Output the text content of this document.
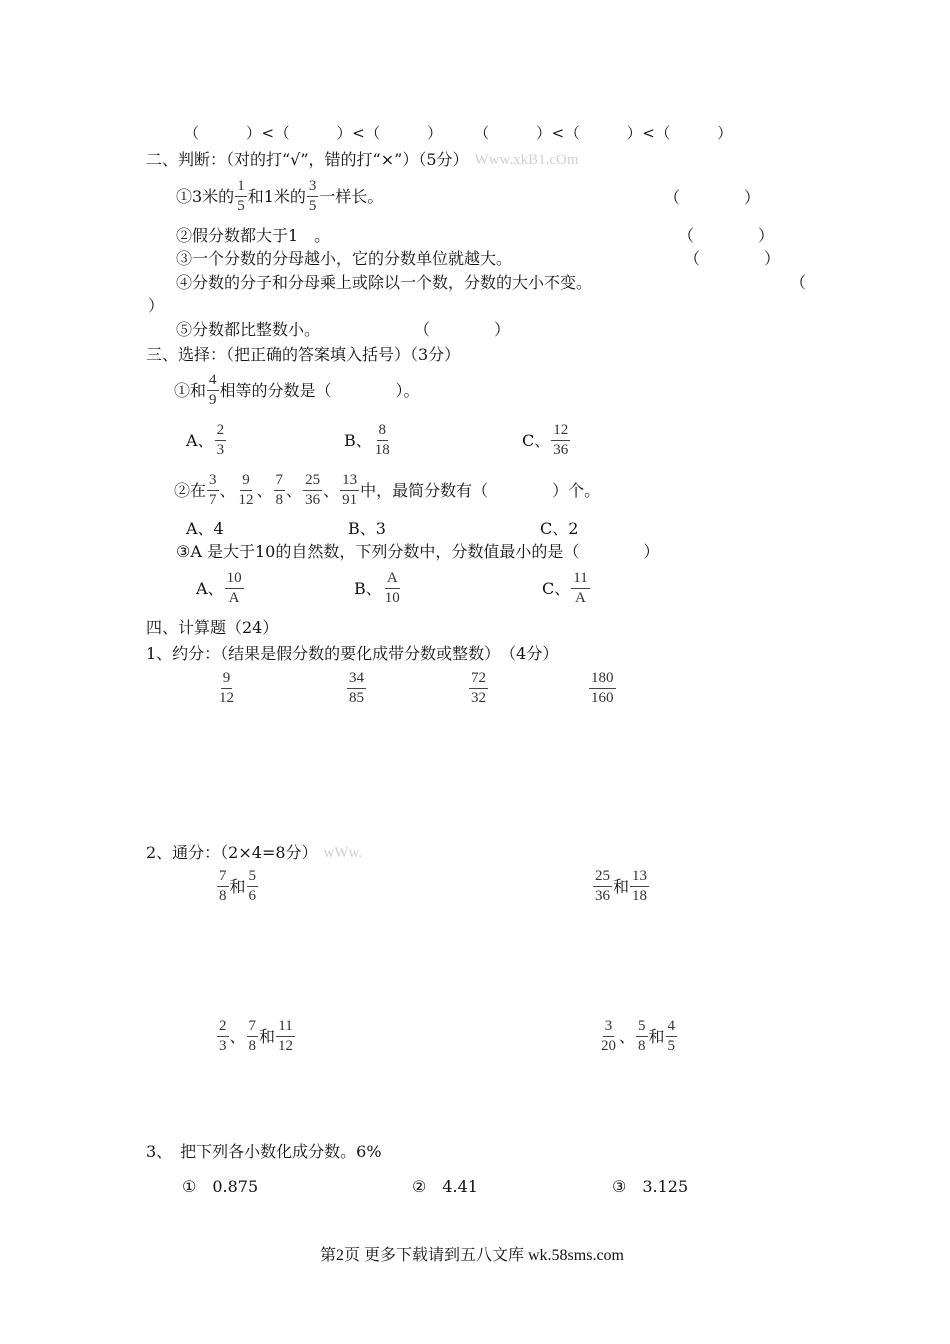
（　　　）<（　　　）<（　　　）　　　（　　　）<（　　　）<（　　　）
二、判断：（对的打“√”，错的打“×”）（5分） Www.xkB1.cOm
①3米的 $\frac{1}{5}$ 和1米的 $\frac{3}{5}$ 一样长。	（　　　　）
②假分数都大于1　。	（　　　　）
③一个分数的分母越小，它的分数单位就越大。	（　　　　）
④分数的分子和分母乘上或除以一个数，分数的大小不变。	（
）
⑤分数都比整数小。	（　　　　）
三、选择：（把正确的答案填入括号）（3分）
①和 $\frac{4}{9}$ 相等的分数是（　　　　）。
A、 $\frac{2}{3}$	B、 $\frac{8}{18}$	C、 $\frac{12}{36}$
②在 $\frac{3}{7}$ 、 $\frac{9}{12}$ 、 $\frac{7}{8}$ 、 $\frac{25}{36}$ 、 $\frac{13}{91}$ 中，最简分数有（　　　　）个。
A、4	B、3	C、2
③A 是大于10的自然数，下列分数中，分数值最小的是（　　　　）
A、 $\frac{10}{A}$	B、 $\frac{A}{10}$	C、 $\frac{11}{A}$
四、计算题（24）
1、约分：（结果是假分数的要化成带分数或整数）　（4分）
$\frac{9}{12}$	$\frac{34}{85}$	$\frac{72}{32}$	$\frac{180}{160}$
2、通分：（2×4=8分） wWw.
$\frac{7}{8}$ 和 $\frac{5}{6}$	$\frac{25}{36}$ 和 $\frac{13}{18}$
$\frac{2}{3}$ 、 $\frac{7}{8}$ 和 $\frac{11}{12}$	$\frac{3}{20}$ 、 $\frac{5}{8}$ 和 $\frac{4}{5}$
3、　把下列各小数化成分数。6%
①　0.875	②　4.41	③　3.125
第2页 更多下载请到五八文库 wk.58sms.com
